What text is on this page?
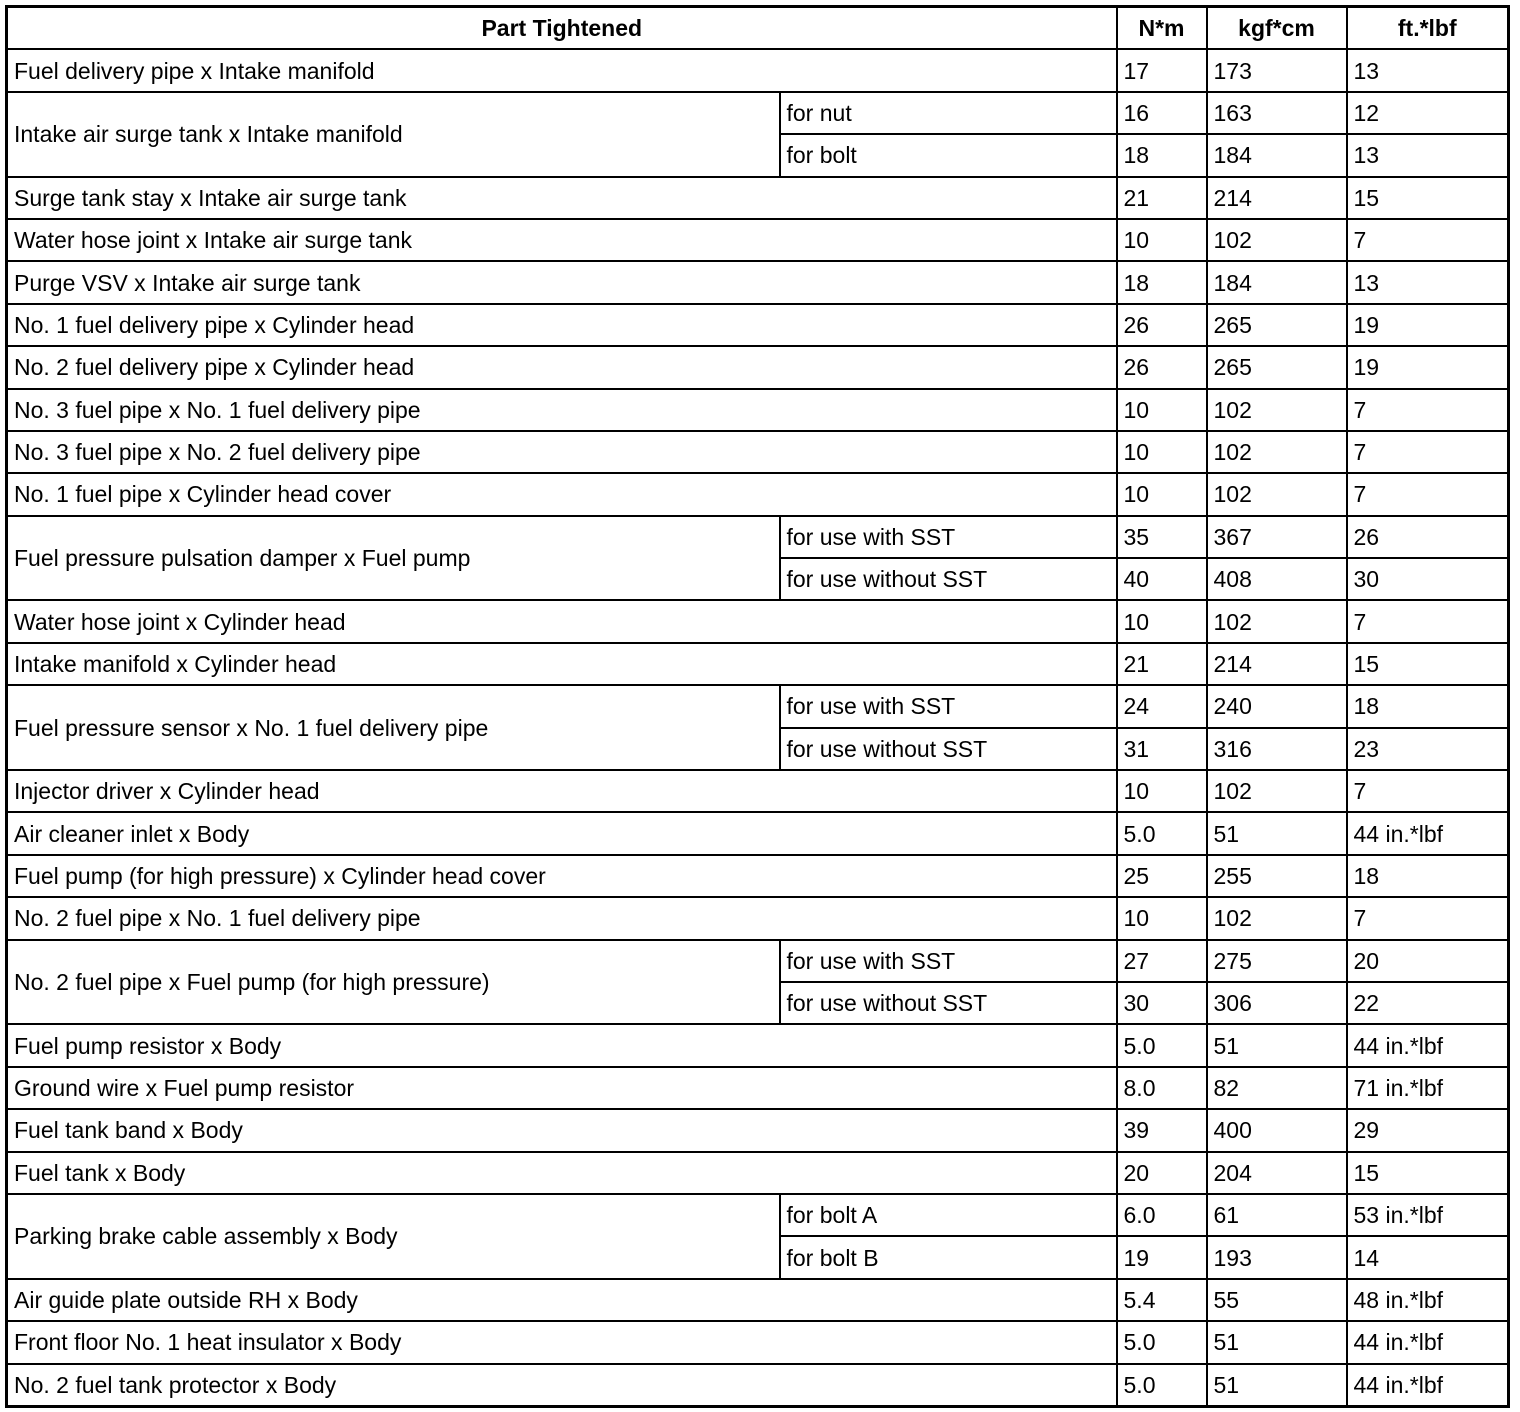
Part Tightened		N*m	kgf*cm	ft.*lbf
Fuel delivery pipe x Intake manifold		17	173	13
Intake air surge tank x Intake manifold	for nut	16	163	12
	for bolt	18	184	13
Surge tank stay x Intake air surge tank		21	214	15
Water hose joint x Intake air surge tank		10	102	7
Purge VSV x Intake air surge tank		18	184	13
No. 1 fuel delivery pipe x Cylinder head		26	265	19
No. 2 fuel delivery pipe x Cylinder head		26	265	19
No. 3 fuel pipe x No. 1 fuel delivery pipe		10	102	7
No. 3 fuel pipe x No. 2 fuel delivery pipe		10	102	7
No. 1 fuel pipe x Cylinder head cover		10	102	7
Fuel pressure pulsation damper x Fuel pump	for use with SST	35	367	26
	for use without SST	40	408	30
Water hose joint x Cylinder head		10	102	7
Intake manifold x Cylinder head		21	214	15
Fuel pressure sensor x No. 1 fuel delivery pipe	for use with SST	24	240	18
	for use without SST	31	316	23
Injector driver x Cylinder head		10	102	7
Air cleaner inlet x Body		5.0	51	44 in.*lbf
Fuel pump (for high pressure) x Cylinder head cover		25	255	18
No. 2 fuel pipe x No. 1 fuel delivery pipe		10	102	7
No. 2 fuel pipe x Fuel pump (for high pressure)	for use with SST	27	275	20
	for use without SST	30	306	22
Fuel pump resistor x Body		5.0	51	44 in.*lbf
Ground wire x Fuel pump resistor		8.0	82	71 in.*lbf
Fuel tank band x Body		39	400	29
Fuel tank x Body		20	204	15
Parking brake cable assembly x Body	for bolt A	6.0	61	53 in.*lbf
	for bolt B	19	193	14
Air guide plate outside RH x Body		5.4	55	48 in.*lbf
Front floor No. 1 heat insulator x Body		5.0	51	44 in.*lbf
No. 2 fuel tank protector x Body		5.0	51	44 in.*lbf
